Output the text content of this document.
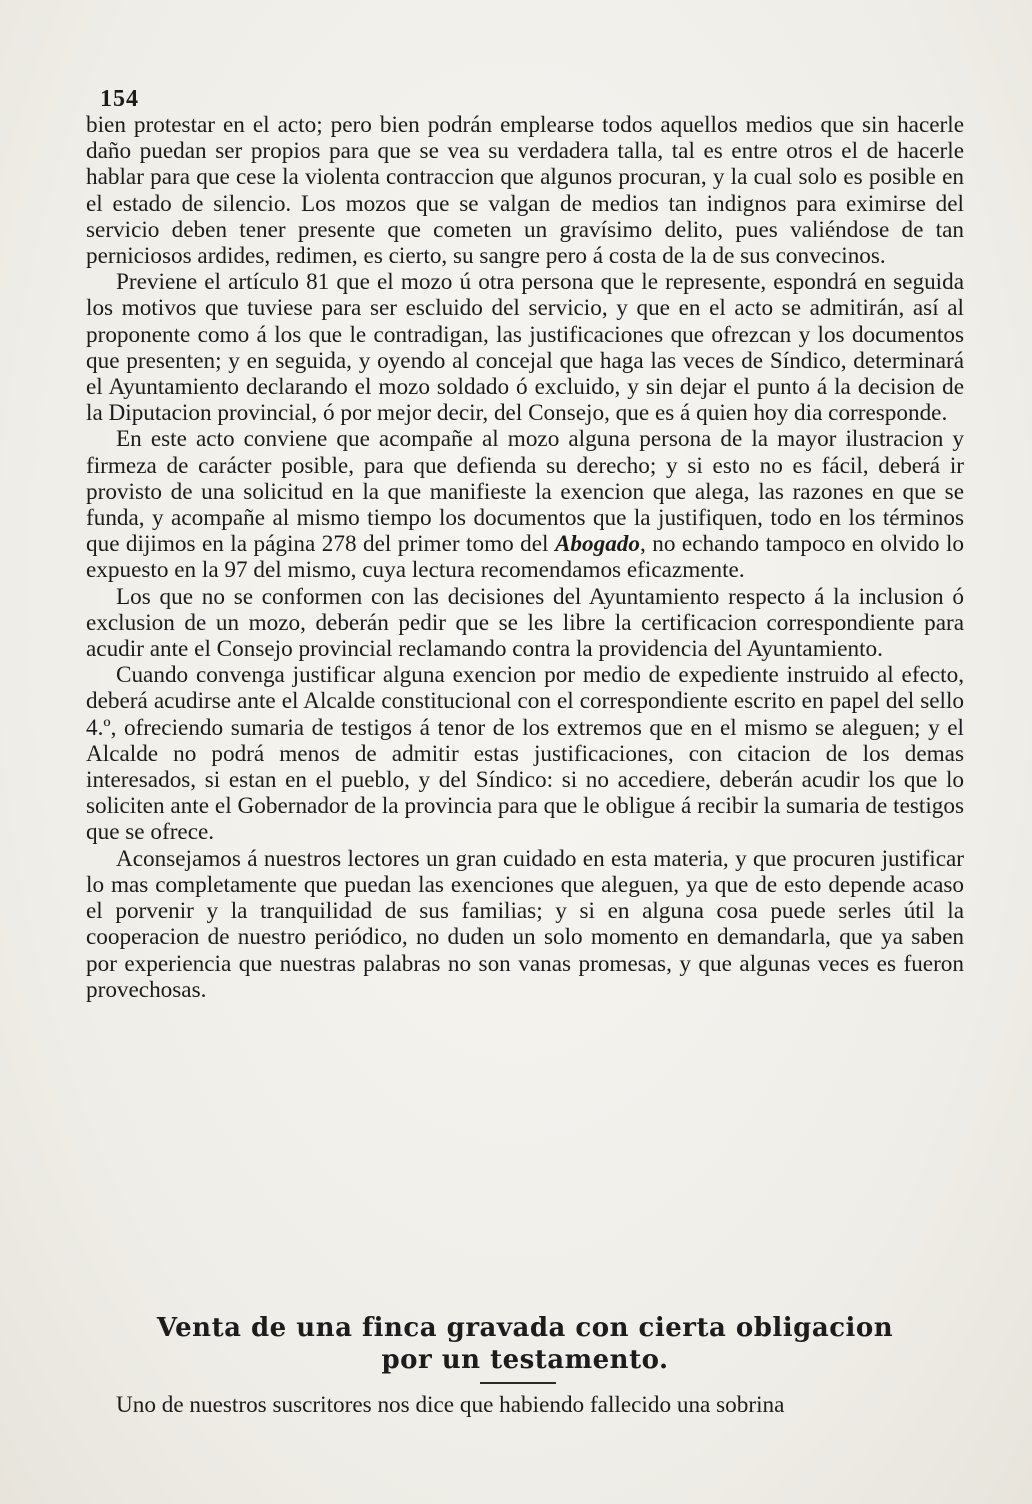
154

bien protestar en el acto; pero bien podrán emplearse todos aquellos medios que sin hacerle daño puedan ser propios para que se vea su verdadera talla, tal es entre otros el de hacerle hablar para que cese la violenta contraccion que algunos procuran, y la cual solo es posible en el estado de silencio. Los mozos que se valgan de medios tan indignos para eximirse del servicio deben tener presente que cometen un gravísimo delito, pues valiéndose de tan perniciosos ardides, redimen, es cierto, su sangre pero á costa de la de sus convecinos.

Previene el artículo 81 que el mozo ú otra persona que le represente, espondrá en seguida los motivos que tuviese para ser escluido del servicio, y que en el acto se admitirán, así al proponente como á los que le contradigan, las justificaciones que ofrezcan y los documentos que presenten; y en seguida, y oyendo al concejal que haga las veces de Síndico, determinará el Ayuntamiento declarando el mozo soldado ó excluido, y sin dejar el punto á la decision de la Diputacion provincial, ó por mejor decir, del Consejo, que es á quien hoy dia corresponde.

En este acto conviene que acompañe al mozo alguna persona de la mayor ilustracion y firmeza de carácter posible, para que defienda su derecho; y si esto no es fácil, deberá ir provisto de una solicitud en la que manifieste la exencion que alega, las razones en que se funda, y acompañe al mismo tiempo los documentos que la justifiquen, todo en los términos que dijimos en la página 278 del primer tomo del Abogado, no echando tampoco en olvido lo expuesto en la 97 del mismo, cuya lectura recomendamos eficazmente.

Los que no se conformen con las decisiones del Ayuntamiento respecto á la inclusion ó exclusion de un mozo, deberán pedir que se les libre la certificacion correspondiente para acudir ante el Consejo provincial reclamando contra la providencia del Ayuntamiento.

Cuando convenga justificar alguna exencion por medio de expediente instruido al efecto, deberá acudirse ante el Alcalde constitucional con el correspondiente escrito en papel del sello 4.º, ofreciendo sumaria de testigos á tenor de los extremos que en el mismo se aleguen; y el Alcalde no podrá menos de admitir estas justificaciones, con citacion de los demas interesados, si estan en el pueblo, y del Síndico: si no accediere, deberán acudir los que lo soliciten ante el Gobernador de la provincia para que le obligue á recibir la sumaria de testigos que se ofrece.

Aconsejamos á nuestros lectores un gran cuidado en esta materia, y que procuren justificar lo mas completamente que puedan las exenciones que aleguen, ya que de esto depende acaso el porvenir y la tranquilidad de sus familias; y si en alguna cosa puede serles útil la cooperacion de nuestro periódico, no duden un solo momento en demandarla, que ya saben por experiencia que nuestras palabras no son vanas promesas, y que algunas veces es fueron provechosas.

Venta de una finca gravada con cierta obligacion
por un testamento.
Uno de nuestros suscritores nos dice que habiendo fallecido una sobrina
